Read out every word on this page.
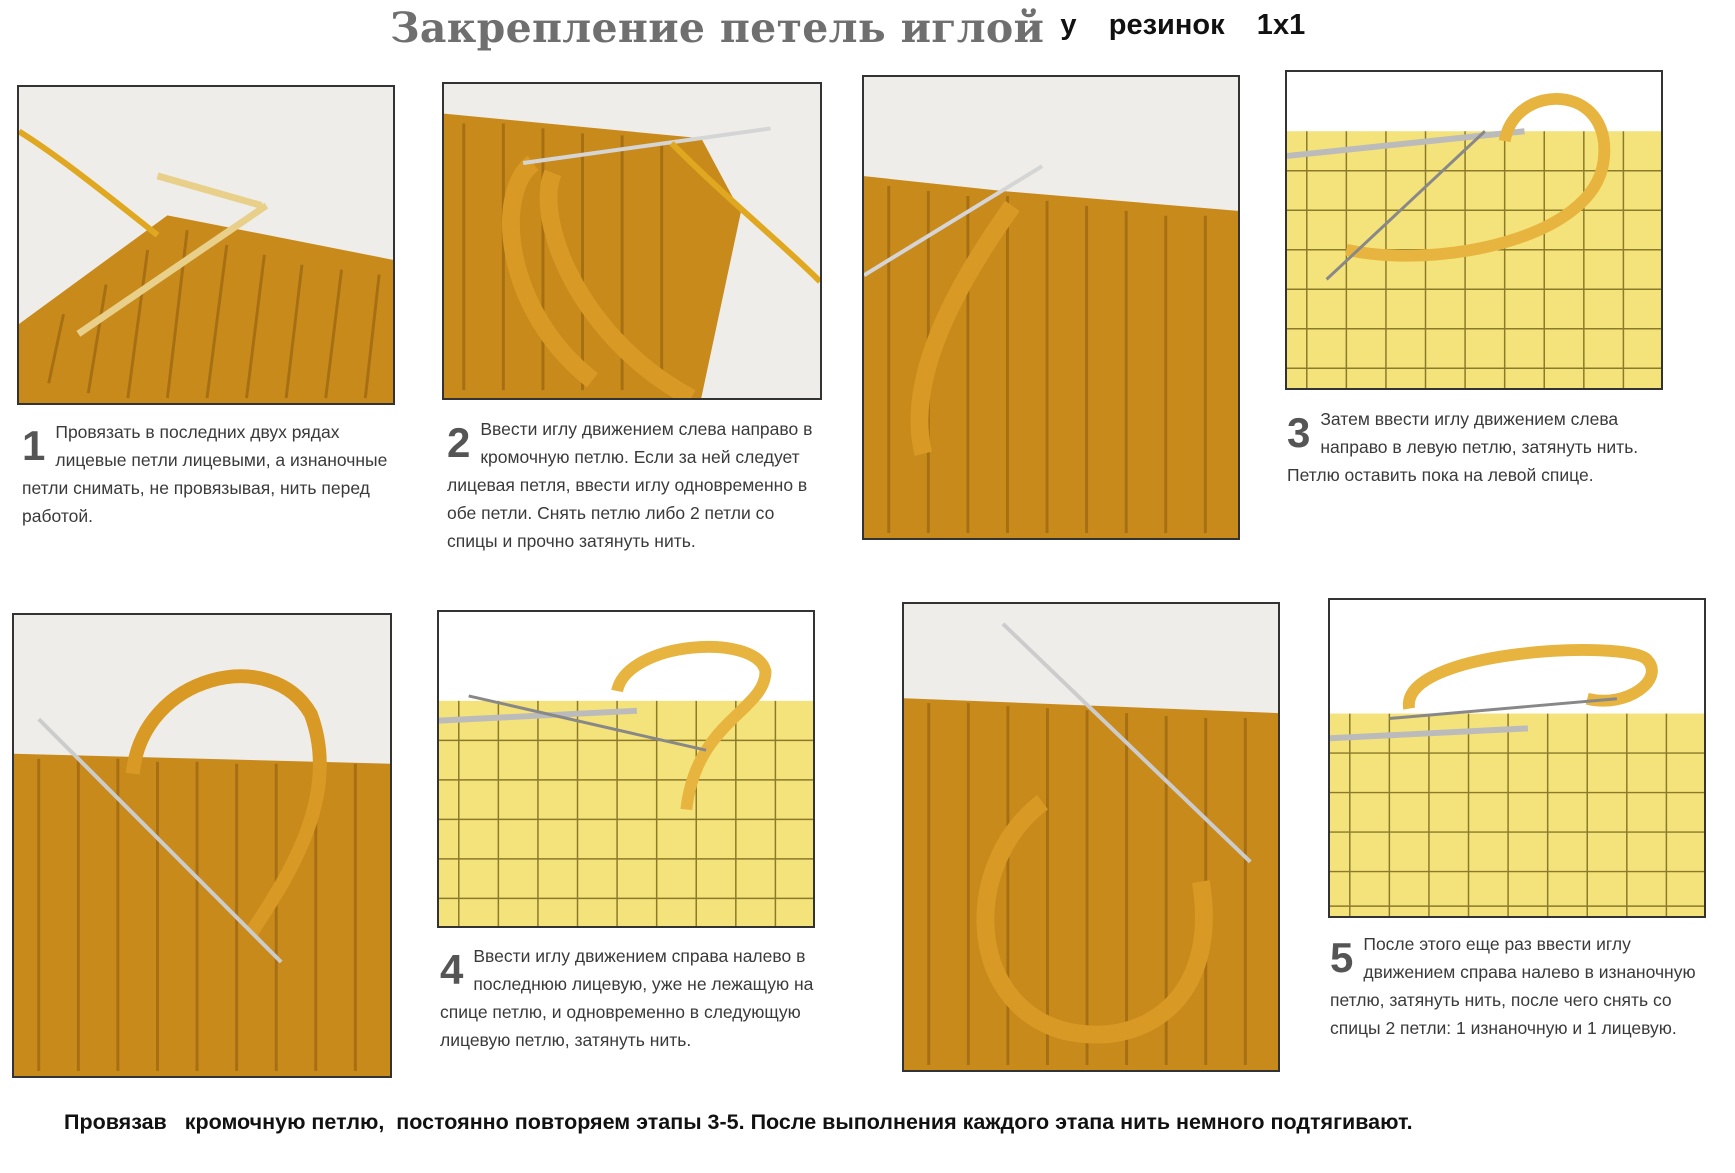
Закрепление петель иглой  у    резинок    1х1
1 Провязать в последних двух рядах лицевые петли лицевыми, а изнаночные петли снимать, не провязывая, нить перед работой.
2 Ввести иглу движением слева направо в кромочную петлю. Если за ней следует лицевая петля, ввести иглу одновременно в обе петли. Снять петлю либо 2 петли со спицы и прочно затянуть нить.
3 Затем ввести иглу движением слева направо в левую петлю, затянуть нить. Петлю оставить пока на левой спице.
4 Ввести иглу движением справа налево в последнюю лицевую, уже не лежащую на спице петлю, и одновременно в следующую лицевую петлю, затянуть нить.
5 После этого еще раз ввести иглу движением справа налево в изнаночную петлю, затянуть нить, после чего снять со спицы 2 петли: 1 изнаночную и 1 лицевую.
Провязав   кромочную петлю,  постоянно повторяем этапы 3-5. После выполнения каждого этапа нить немного подтягивают.
